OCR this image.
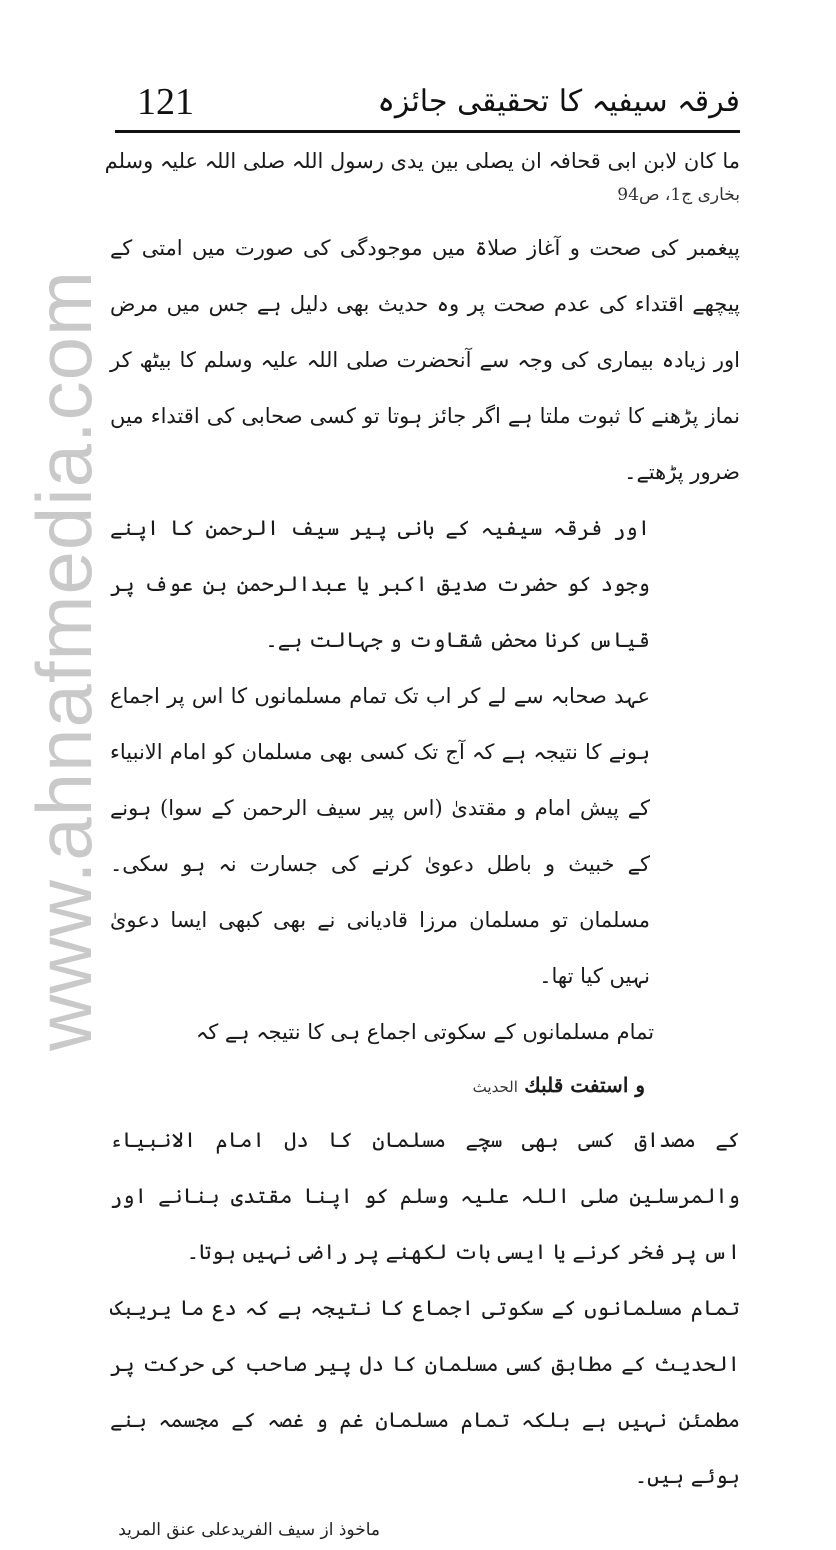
www.ahnafmedia.com
121	فرقہ سیفیہ کا تحقیقی جائزہ
ما کان لابن ابی قحافہ ان یصلی بین یدی رسول اللہ صلی اللہ علیہ وسلم
بخاری ج1، ص94
پیغمبر کی صحت و آغاز صلاۃ میں موجودگی کی صورت میں امتی کے پیچھے اقتداء کی عدم صحت پر وہ حدیث بھی دلیل ہے جس میں مرض اور زیادہ بیماری کی وجہ سے آنحضرت صلی اللہ علیہ وسلم کا بیٹھ کر نماز پڑھنے کا ثبوت ملتا ہے اگر جائز ہوتا تو کسی صحابی کی اقتداء میں ضرور پڑھتے۔
اور فرقہ سیفیہ کے بانی پیر سیف الرحمن کا اپنے وجود کو حضرت صدیق اکبر یا عبدالرحمن بن عوف پر قیاس کرنا محض شقاوت و جہالت ہے۔
عہد صحابہ سے لے کر اب تک تمام مسلمانوں کا اس پر اجماع ہونے کا نتیجہ ہے کہ آج تک کسی بھی مسلمان کو امام الانبیاء کے پیش امام و مقتدیٰ (اس پیر سیف الرحمن کے سوا) ہونے کے خبیث و باطل دعویٰ کرنے کی جسارت نہ ہو سکی۔ مسلمان تو مسلمان مرزا قادیانی نے بھی کبھی ایسا دعویٰ نہیں کیا تھا۔
تمام مسلمانوں کے سکوتی اجماع ہی کا نتیجہ ہے کہ
و استفت قلبك الحدیث
کے مصداق کسی بھی سچے مسلمان کا دل امام الانبیاء والمرسلین صلی اللہ علیہ وسلم کو اپنا مقتدی بنانے اور اس پر فخر کرنے یا ایسی بات لکھنے پر راضی نہیں ہوتا۔
تمام مسلمانوں کے سکوتی اجماع کا نتیجہ ہے کہ دع ما یریبک الحدیث کے مطابق کسی مسلمان کا دل پیر صاحب کی حرکت پر مطمئن نہیں ہے بلکہ تمام مسلمان غم و غصہ کے مجسمہ بنے ہوئے ہیں۔
ماخوذ از سیف الفریدعلی عنق المرید
